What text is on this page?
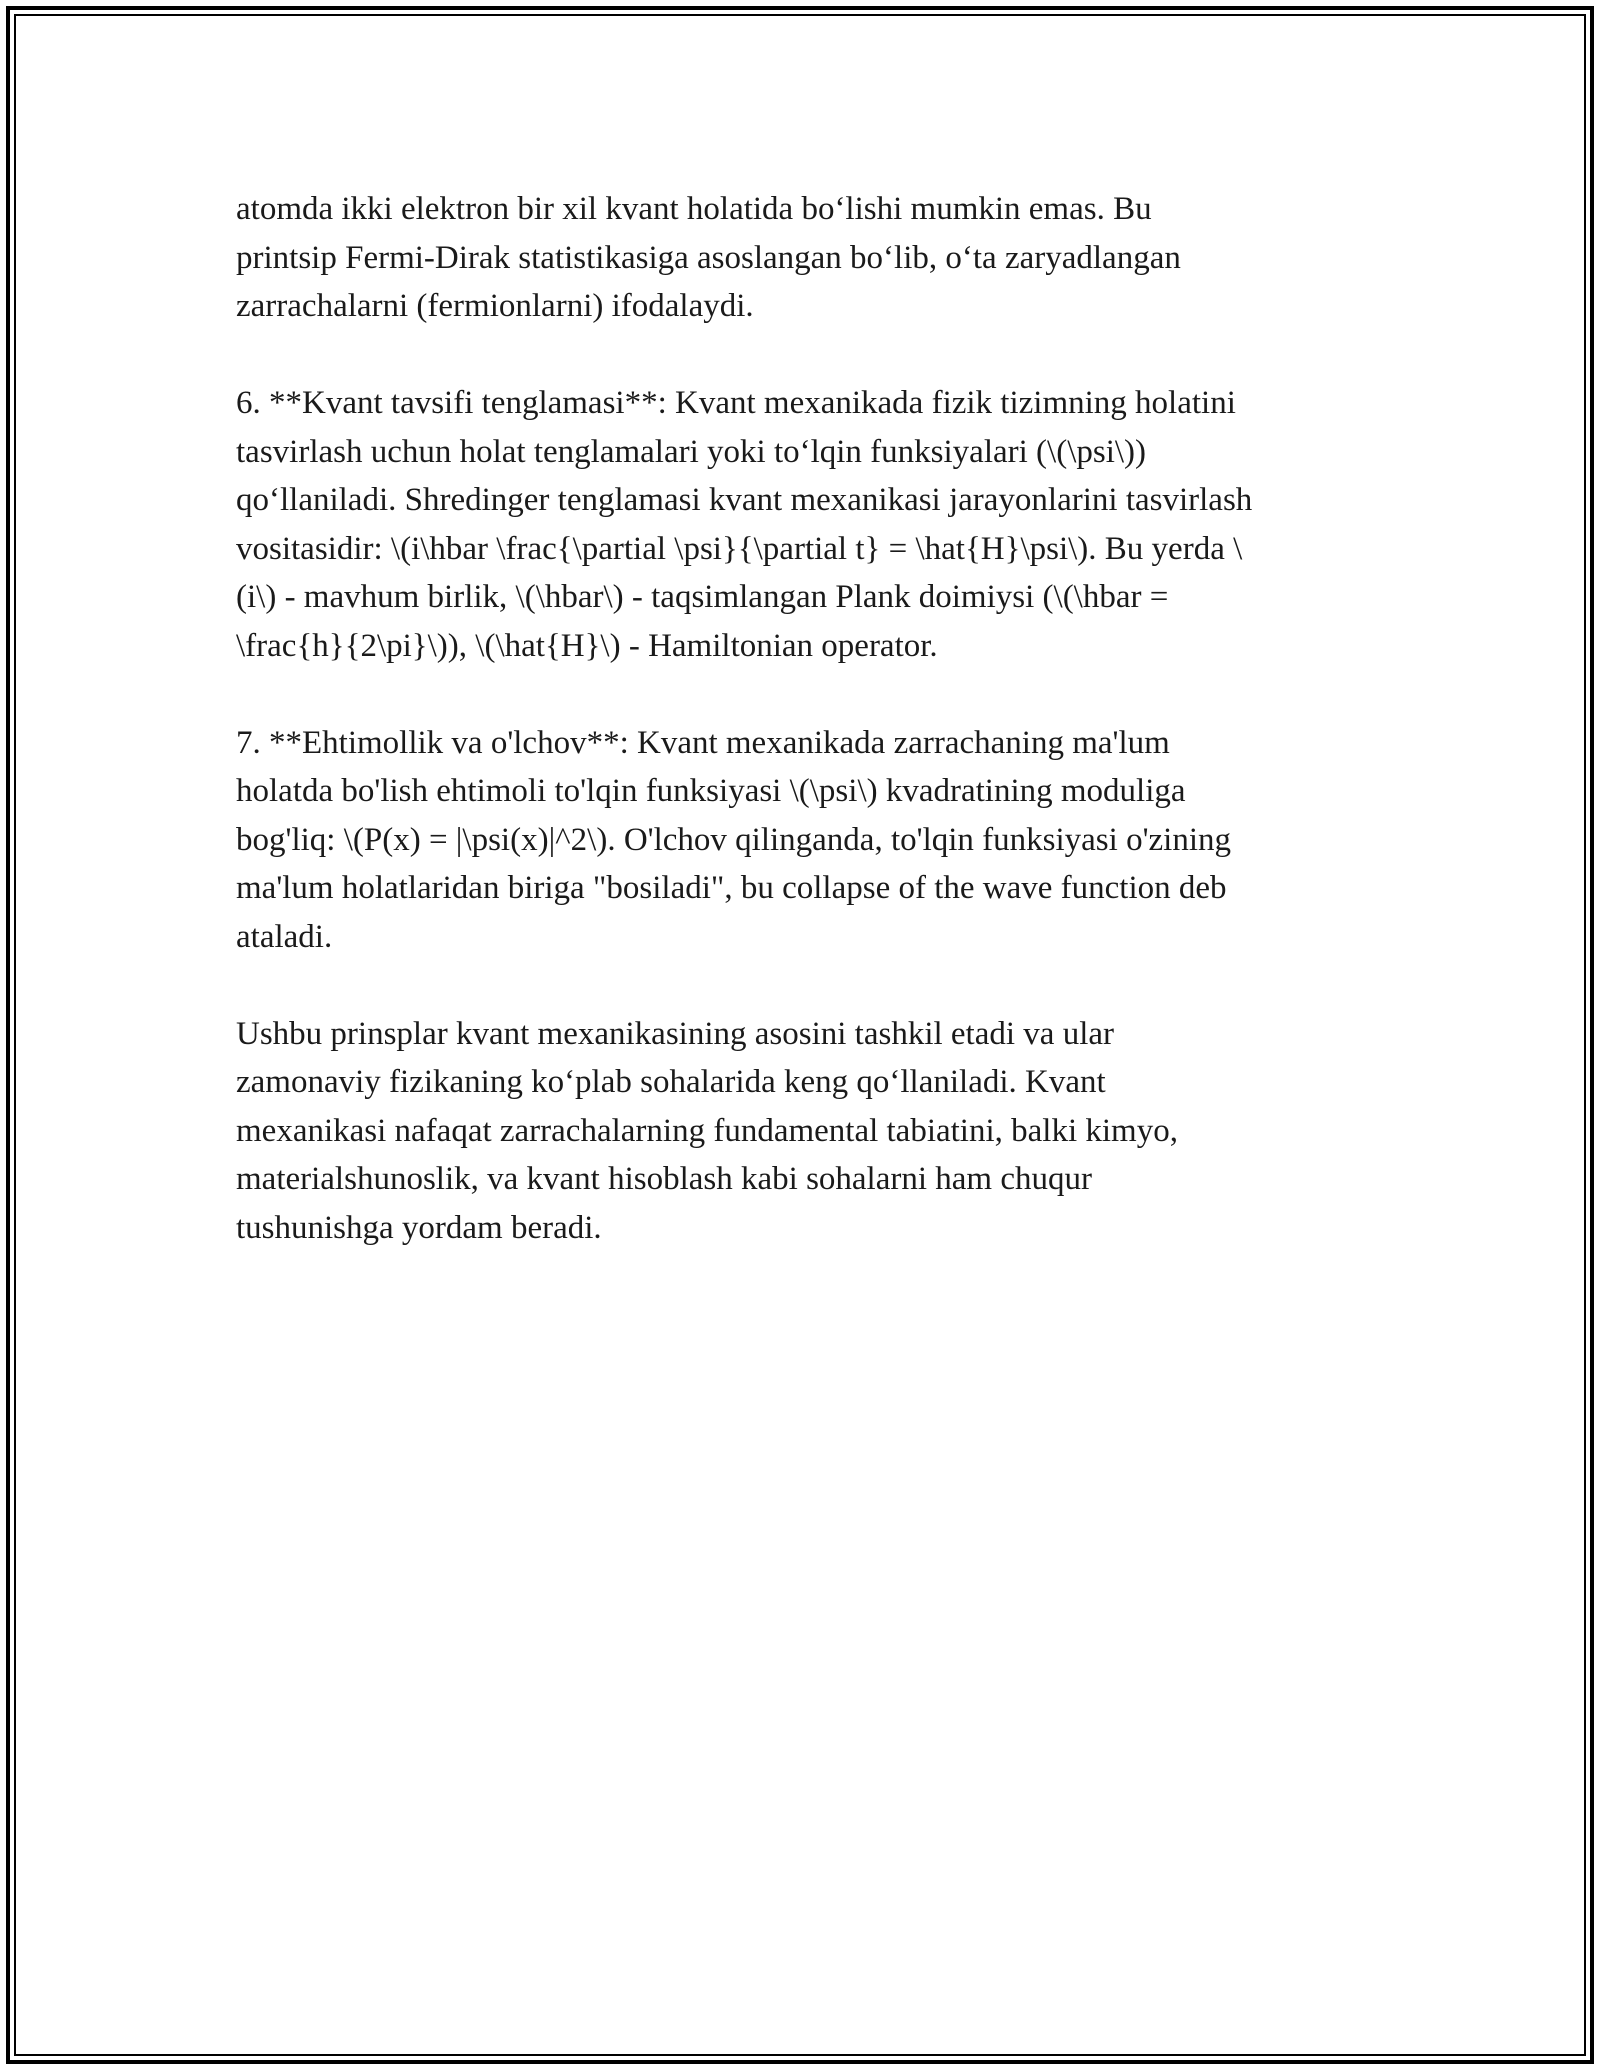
atomda ikki elektron bir xil kvant holatida bo‘lishi mumkin emas. Bu
printsip Fermi-Dirak statistikasiga asoslangan bo‘lib, o‘ta zaryadlangan
zarrachalarni (fermionlarni) ifodalaydi.

6. **Kvant tavsifi tenglamasi**: Kvant mexanikada fizik tizimning holatini
tasvirlash uchun holat tenglamalari yoki to‘lqin funksiyalari (\(\psi\))
qo‘llaniladi. Shredinger tenglamasi kvant mexanikasi jarayonlarini tasvirlash
vositasidir: \(i\hbar \frac{\partial \psi}{\partial t} = \hat{H}\psi\). Bu yerda \
(i\) - mavhum birlik, \(\hbar\) - taqsimlangan Plank doimiysi (\(\hbar =
\frac{h}{2\pi}\)), \(\hat{H}\) - Hamiltonian operator.

7. **Ehtimollik va o'lchov**: Kvant mexanikada zarrachaning ma'lum
holatda bo'lish ehtimoli to'lqin funksiyasi \(\psi\) kvadratining moduliga
bog'liq: \(P(x) = |\psi(x)|^2\). O'lchov qilinganda, to'lqin funksiyasi o'zining
ma'lum holatlaridan biriga "bosiladi", bu collapse of the wave function deb
ataladi.

Ushbu prinsplar kvant mexanikasining asosini tashkil etadi va ular
zamonaviy fizikaning ko‘plab sohalarida keng qo‘llaniladi. Kvant
mexanikasi nafaqat zarrachalarning fundamental tabiatini, balki kimyo,
materialshunoslik, va kvant hisoblash kabi sohalarni ham chuqur
tushunishga yordam beradi.
